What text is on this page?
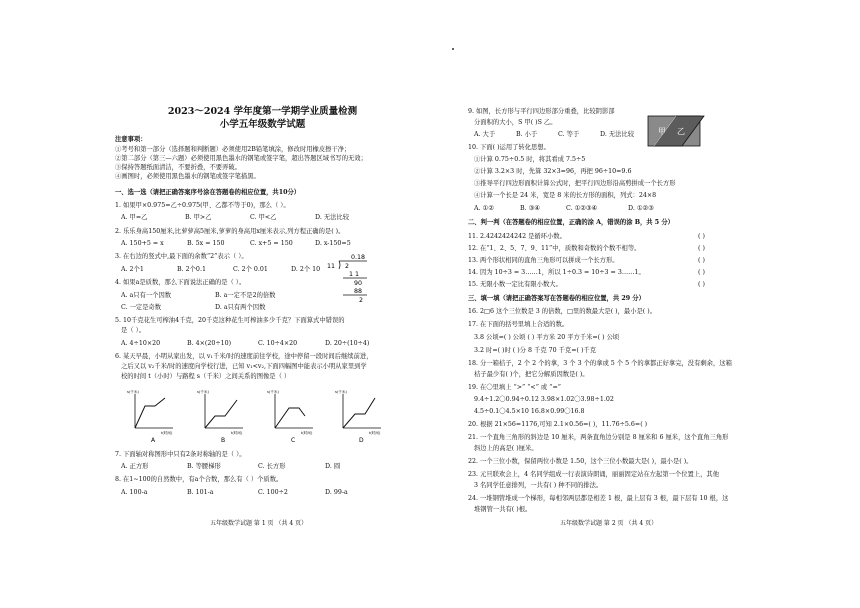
2023～2024 学年度第一学期学业质量检测
小学五年级数学试题
注意事项：
①考号和第一部分（选择题和判断题）必须使用2B铅笔填涂，修改时用橡皮擦干净；
②第二部分（第三—六题）必须使用黑色墨水的钢笔或签字笔，超出答题区域书写的无效；
③保持答题纸面清洁，不要折叠，不要弄破。
④画图时，必须使用黑色墨水的钢笔或签字笔描黑。
一、选一选（请把正确答案序号涂在答题卷的相应位置，共10分）
1. 如果甲×0.975=乙÷0.975(甲、乙都不等于0)，那么（ ）。
A. 甲=乙	B. 甲>乙	C. 甲<乙	D. 无法比较
2. 乐乐身高150厘米,比萝萝高5厘米,萝萝的身高用x厘米表示,列方程正确的是( )。
A. 150+5 = x	B. 5x = 150	C. x+5 = 150	D. x-150=5
3. 在右边的竖式中,最下面的余数“2”表示（ ）。
A. 2个1	B. 2个0.1	C. 2个 0.01	D. 2个 10
0.18
11 2
1 1
90
88
2
4. 如果a是质数，那么下面说法正确的是（ ）。
A. a只有一个因数	B. a一定不是2的倍数
C. 一定是奇数	D. a只有两个因数
5. 10千克花生可榨油4千克，20千克这种花生可榨油多少千克？下面算式中错误的
是（ ）。
A. 4÷10×20	B. 4×(20÷10)	C. 10÷4×20	D. 20÷(10÷4)
6. 某天早晨，小明从家出发，以 v₁千米/时的速度前往学校，途中停留一段时间后继续前进，
之后又以 v₂千米/时的速度向学校行进，已知 v₁<v₂,下面四幅图中能表示小明从家里到学
校的时间 t（小时）与路程 s（千米）之间关系的图像是（ ）
s(千米)
t(时间)
s(千米)
t(时间)
s(千米)
t(时间)
s(千米)
t(时间)
A	B	C	D
7. 下面轴对称图形中只有2条对称轴的是（ ）。
A. 正方形	B. 等腰梯形	C. 长方形	D. 圆
8. 在1~100的自然数中，有a个合数，那么有（ ）个质数。
A. 100-a	B. 101-a	C. 100÷2	D. 99-a
五年级数学试题 第 1 页 （共 4 页）
9. 如图，长方形与平行四边形部分重叠，比较阴影部
分面积的大小，S 甲( )S 乙。
A. 大于	B. 小于	C. 等于	D. 无法比较	甲 乙
10. 下面( )运用了转化思想。
①计算 0.75÷0.5 时，将其看成 7.5÷5
②计算 3.2×3 时，先算 32×3=96，再把 96÷10=9.6
③推导平行四边形面积计算公式时，把平行四边形沿高剪拼成一个长方形
④计算一个长是 24 米，宽是 8 米的长方形的面积，列式：24×8
A. ①②	B. ③④	C. ①②③④	D. ①②③
二、判一判（在答题卷的相应位置，正确的涂 A，错误的涂 B，共 5 分）
11. 2.4242424242 是循环小数。	( )
12. 在“1、2、5、7、9、11”中，质数和奇数的个数不相等。	( )
13. 两个形状相同的直角三角形可以拼成一个长方形。	( )
14. 因为 10÷3 = 3……1，所以 1÷0.3 = 10÷3 = 3……1。	( )
15. 无限小数一定比有限小数大。	( )
三、填一填（请把正确答案写在答题卷的相应位置，共 29 分）
16. 2□6 这个三位数是 3 的倍数，□里的数最大是( )，最小是( )。
17. 在下面的括号里填上合适的数。
3.8 公顷=( ) 公顷 ( ) 平方米 20 平方千米=( ) 公顷
3.2 时=( )时 ( )分 8 千克 70 千克=( )千克
18. 分一箱桔子，2 个 2 个的拿，3 个 3 个的拿或 5 个 5 个的拿都正好拿完，没有剩余，这箱
桔子最少有( )个，把它分解质因数是( )。
19. 在〇里填上 “>” “<” 或 “=”
9.4÷1.2〇0.94÷0.12 3.98×1.02〇3.98÷1.02
4.5÷0.1〇4.5×10 16.8×0.99〇16.8
20. 根据 21×56=1176,可知 2.1×0.56=( )，11.76÷5.6=( )
21. 一个直角三角形的斜边是 10 厘米，两条直角边分别是 8 厘米和 6 厘米，这个直角三角形
斜边上的高是( )厘米。
22. 一个三位小数，保留两位小数是 1.50，这个三位小数最大是( )，最小是( )。
23. 元旦联欢会上，4 名同学组成一行表演诗朗诵，丽丽固定站在左起第一个位置上，其他
3 名同学任意排列，一共有( ) 种不同的排法。
24. 一堆钢管堆成一个梯形，每相邻两层都是相差 1 根，最上层有 3 根，最下层有 10 根，这
堆钢管一共有( )根。
五年级数学试题 第 2 页 （共 4 页）
